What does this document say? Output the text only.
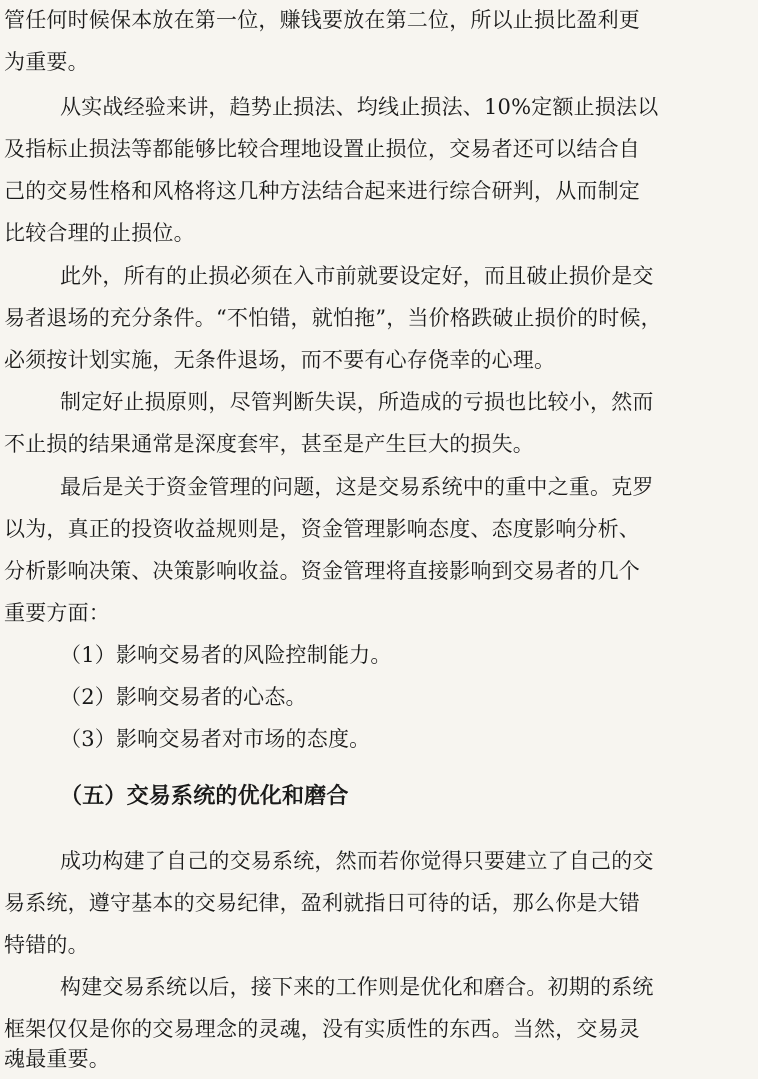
管任何时候保本放在第一位，赚钱要放在第二位，所以止损比盈利更
为重要。
从实战经验来讲，趋势止损法、均线止损法、10%定额止损法以
及指标止损法等都能够比较合理地设置止损位，交易者还可以结合自
己的交易性格和风格将这几种方法结合起来进行综合研判，从而制定
比较合理的止损位。
此外，所有的止损必须在入市前就要设定好，而且破止损价是交
易者退场的充分条件。“不怕错，就怕拖”，当价格跌破止损价的时候，
必须按计划实施，无条件退场，而不要有心存侥幸的心理。
制定好止损原则，尽管判断失误，所造成的亏损也比较小，然而
不止损的结果通常是深度套牢，甚至是产生巨大的损失。
最后是关于资金管理的问题，这是交易系统中的重中之重。克罗
以为，真正的投资收益规则是，资金管理影响态度、态度影响分析、
分析影响决策、决策影响收益。资金管理将直接影响到交易者的几个
重要方面：
（1）影响交易者的风险控制能力。
（2）影响交易者的心态。
（3）影响交易者对市场的态度。
（五）交易系统的优化和磨合
成功构建了自己的交易系统，然而若你觉得只要建立了自己的交
易系统，遵守基本的交易纪律，盈利就指日可待的话，那么你是大错
特错的。
构建交易系统以后，接下来的工作则是优化和磨合。初期的系统
框架仅仅是你的交易理念的灵魂，没有实质性的东西。当然，交易灵
魂最重要。
